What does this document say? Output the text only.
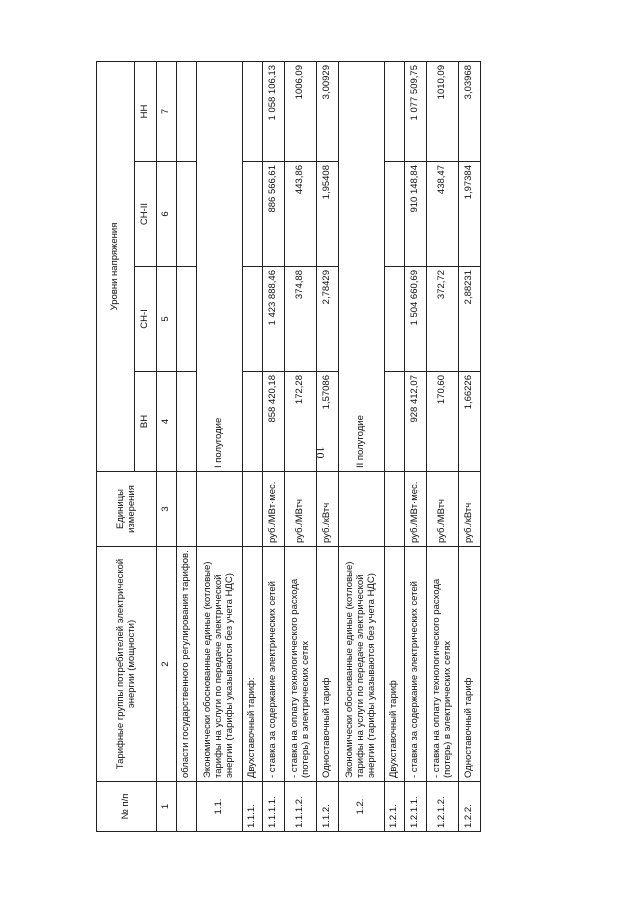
10
№ п/п	Тарифные группы потребителей электрической энергии (мощности)	Единицы измерения	Уровни напряжения			
			ВН	СН-I	СН-II	НН
1	2	3	4	5	6	7
	области государственного регулирования тарифов.					
1.1.	Экономически обоснованные единые (котловые) тарифы на услуги по передаче электрической энергии (тарифы указываются без учета НДС)		I полугодие			
1.1.1.	Двухставочный тариф:					
1.1.1.1.	- ставка за содержание электрических сетей	руб./МВт·мес.	858 420,18	1 423 888,46	886 566,61	1 058 106,13
1.1.1.2.	- ставка на оплату технологического расхода (потерь) в электрических сетях	руб./МВтч	172,28	374,88	443,86	1006,09
1.1.2.	Одноставочный тариф	руб./кВтч	1,57086	2,78429	1,95408	3,00929
1.2.	Экономически обоснованные единые (котловые) тарифы на услуги по передаче электрической энергии (тарифы указываются без учета НДС)		II полугодие			
1.2.1.	Двухставочный тариф					
1.2.1.1.	- ставка за содержание электрических сетей	руб./МВт·мес.	928 412,07	1 504 660,69	910 148,84	1 077 509,75
1.2.1.2.	- ставка на оплату технологического расхода (потерь) в электрических сетях	руб./МВтч	170,60	372,72	438,47	1010,09
1.2.2.	Одноставочный тариф	руб./кВтч	1,66226	2,88231	1,97384	3,03968
